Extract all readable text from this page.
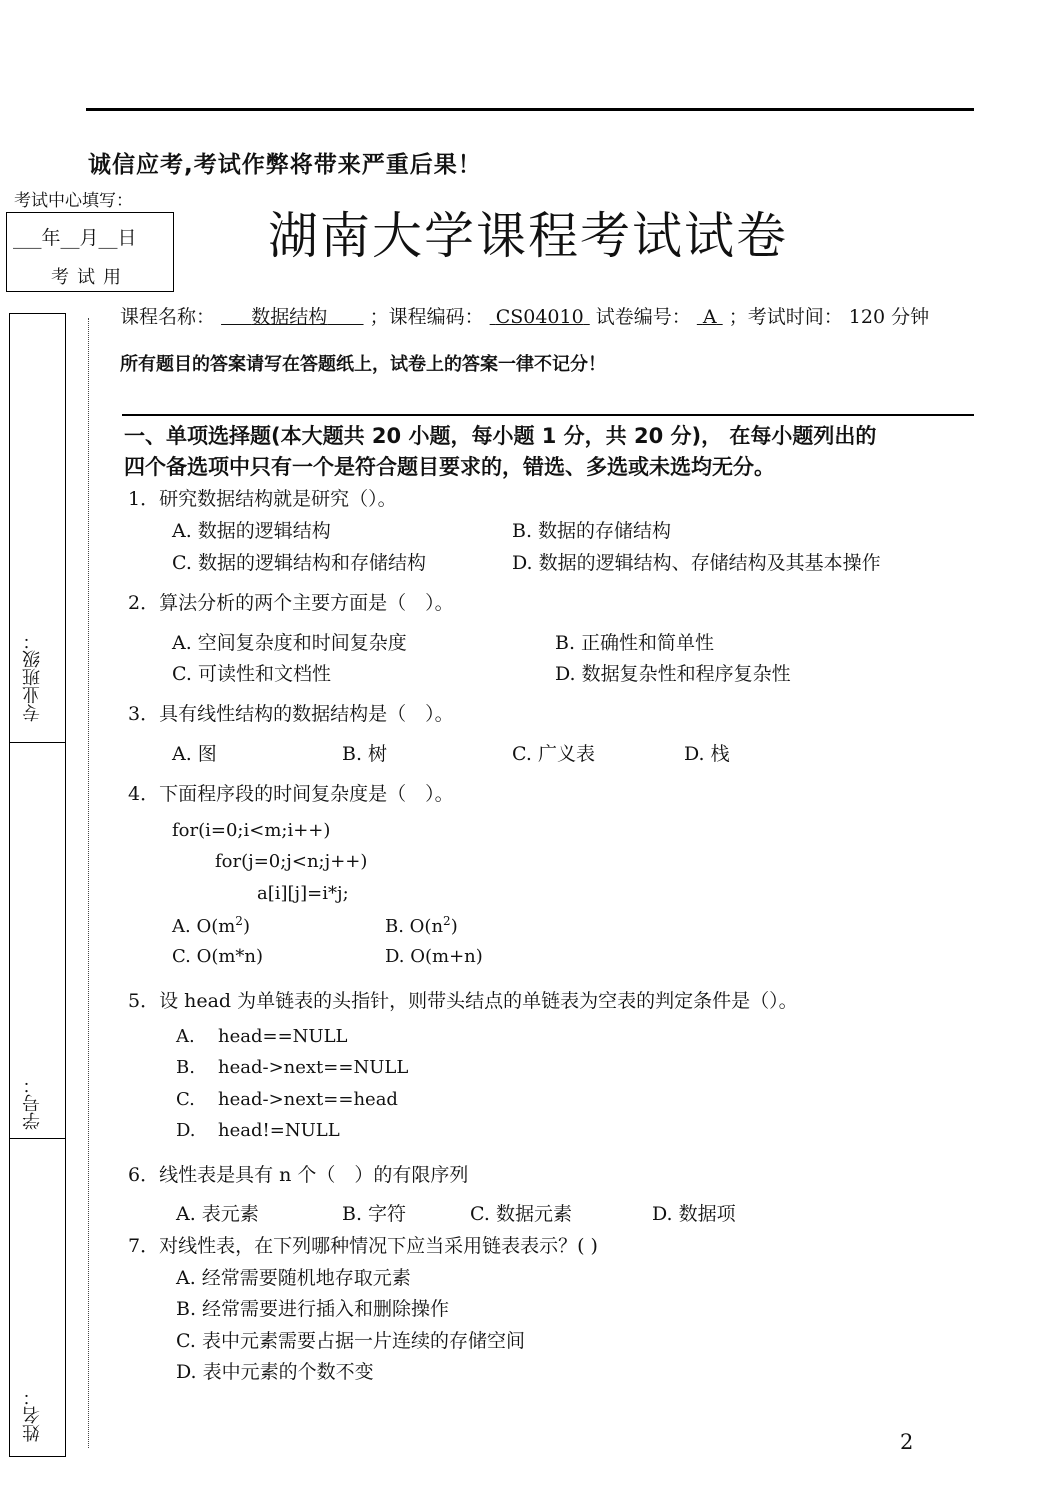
诚信应考,考试作弊将带来严重后果！
考试中心填写：
___年__月__日
考试用
湖南大学课程考试试卷
专业班级：
学号：
姓名：
课程名称： 数据结构 ；课程编码： CS04010 试卷编号： A ；考试时间： 120 分钟
所有题目的答案请写在答题纸上，试卷上的答案一律不记分！
一、单项选择题(本大题共 20 小题，每小题 1 分，共 20 分)， 在每小题列出的
四个备选项中只有一个是符合题目要求的，错选、多选或未选均无分。
1．研究数据结构就是研究（）。
A. 数据的逻辑结构	B. 数据的存储结构
C. 数据的逻辑结构和存储结构	D. 数据的逻辑结构、存储结构及其基本操作
2．算法分析的两个主要方面是（　）。
A. 空间复杂度和时间复杂度	B. 正确性和简单性
C. 可读性和文档性	D. 数据复杂性和程序复杂性
3．具有线性结构的数据结构是（　）。
A. 图	B. 树	C. 广义表	D. 栈
4．下面程序段的时间复杂度是（　）。
for(i=0;i<m;i++)
for(j=0;j<n;j++)
a[i][j]=i*j;
A. $O(m^2)$	B. $O(n^2)$
C. O(m*n)	D. O(m+n)
5．设 head 为单链表的头指针，则带头结点的单链表为空表的判定条件是（）。
A. head==NULL
B. head->next==NULL
C. head->next==head
D. head!=NULL
6．线性表是具有 n 个（　）的有限序列
A. 表元素	B. 字符	C. 数据元素	D. 数据项
7．对线性表，在下列哪种情况下应当采用链表表示？( )
A. 经常需要随机地存取元素
B. 经常需要进行插入和删除操作
C. 表中元素需要占据一片连续的存储空间
D. 表中元素的个数不变
2
